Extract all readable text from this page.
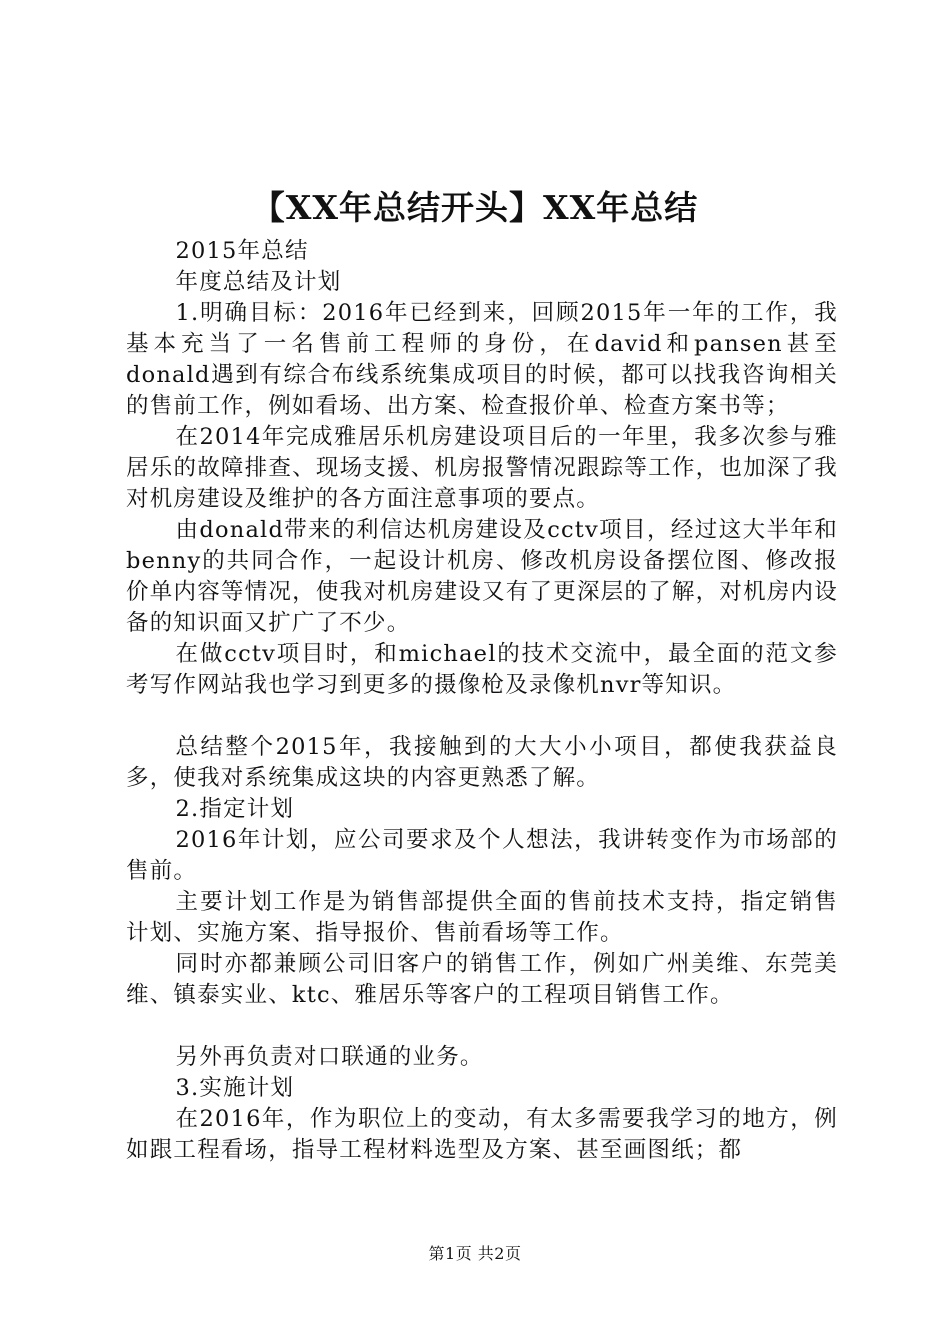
【XX年总结开头】XX年总结

2015年总结

年度总结及计划

1.明确目标：2016年已经到来，回顾2015年一年的工作，我基本充当了一名售前工程师的身份，在david和pansen甚至donald遇到有综合布线系统集成项目的时候，都可以找我咨询相关的售前工作，例如看场、出方案、检查报价单、检查方案书等；

在2014年完成雅居乐机房建设项目后的一年里，我多次参与雅居乐的故障排查、现场支援、机房报警情况跟踪等工作，也加深了我对机房建设及维护的各方面注意事项的要点。

由donald带来的利信达机房建设及cctv项目，经过这大半年和benny的共同合作，一起设计机房、修改机房设备摆位图、修改报价单内容等情况，使我对机房建设又有了更深层的了解，对机房内设备的知识面又扩广了不少。

在做cctv项目时，和michael的技术交流中，最全面的范文参考写作网站我也学习到更多的摄像枪及录像机nvr等知识。

总结整个2015年，我接触到的大大小小项目，都使我获益良多，使我对系统集成这块的内容更熟悉了解。

2.指定计划

2016年计划，应公司要求及个人想法，我讲转变作为市场部的售前。

主要计划工作是为销售部提供全面的售前技术支持，指定销售计划、实施方案、指导报价、售前看场等工作。

同时亦都兼顾公司旧客户的销售工作，例如广州美维、东莞美维、镇泰实业、ktc、雅居乐等客户的工程项目销售工作。

另外再负责对口联通的业务。

3.实施计划

在2016年，作为职位上的变动，有太多需要我学习的地方，例如跟工程看场，指导工程材料选型及方案、甚至画图纸；都

第1页 共2页
